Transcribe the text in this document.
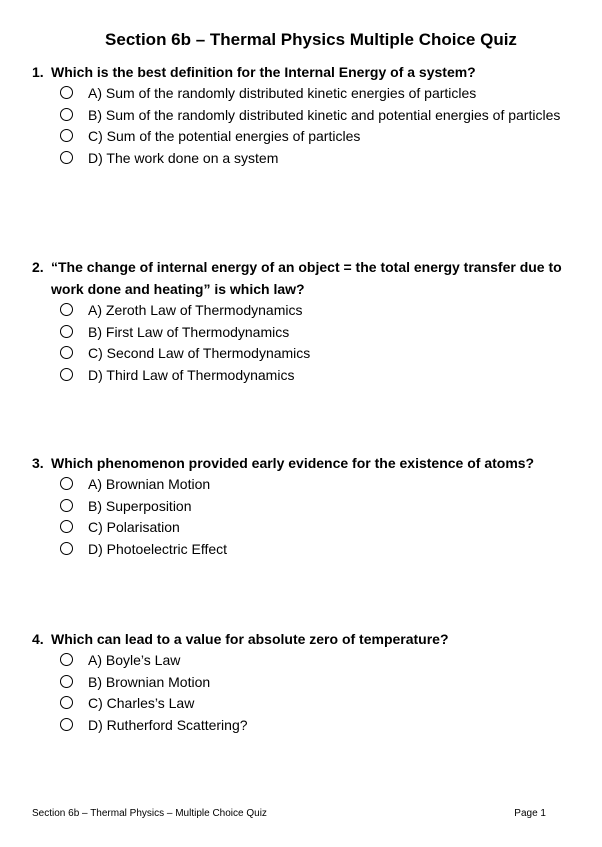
Section 6b – Thermal Physics Multiple Choice Quiz
1. Which is the best definition for the Internal Energy of a system?
A) Sum of the randomly distributed kinetic energies of particles
B) Sum of the randomly distributed kinetic and potential energies of particles
C) Sum of the potential energies of particles
D) The work done on a system
2. “The change of internal energy of an object = the total energy transfer due to work done and heating” is which law?
A) Zeroth Law of Thermodynamics
B) First Law of Thermodynamics
C) Second Law of Thermodynamics
D) Third Law of Thermodynamics
3. Which phenomenon provided early evidence for the existence of atoms?
A) Brownian Motion
B) Superposition
C) Polarisation
D) Photoelectric Effect
4. Which can lead to a value for absolute zero of temperature?
A) Boyle’s Law
B) Brownian Motion
C) Charles’s Law
D) Rutherford Scattering?
Section 6b – Thermal Physics – Multiple Choice Quiz	Page 1
